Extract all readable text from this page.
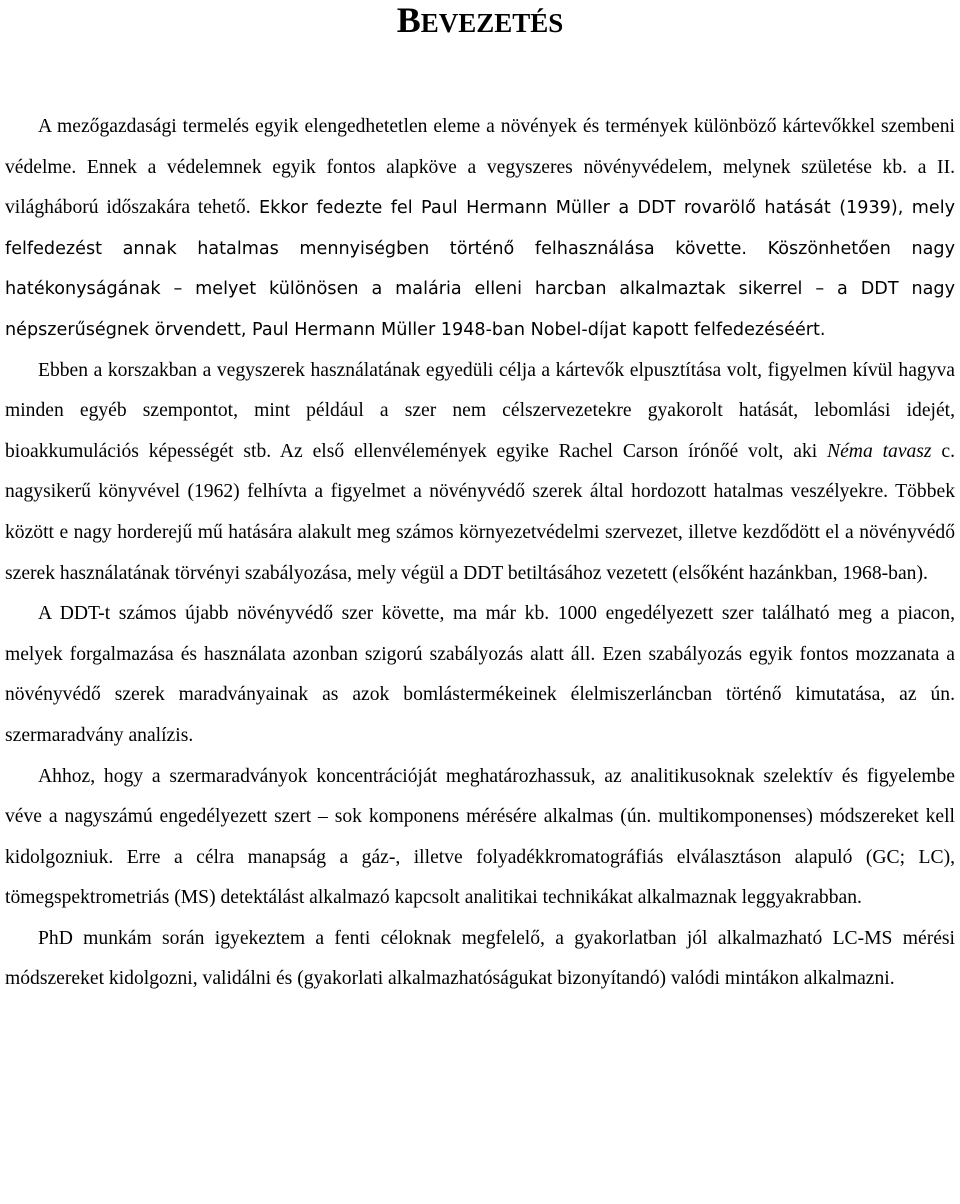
BEVEZETÉS

A mezőgazdasági termelés egyik elengedhetetlen eleme a növények és termények különböző kártevőkkel szembeni védelme. Ennek a védelemnek egyik fontos alapköve a vegyszeres növényvédelem, melynek születése kb. a II. világháború időszakára tehető. Ekkor fedezte fel Paul Hermann Müller a DDT rovarölő hatását (1939), mely felfedezést annak hatalmas mennyiségben történő felhasználása követte. Köszönhetően nagy hatékonyságának – melyet különösen a malária elleni harcban alkalmaztak sikerrel – a DDT nagy népszerűségnek örvendett, Paul Hermann Müller 1948-ban Nobel-díjat kapott felfedezéséért.

Ebben a korszakban a vegyszerek használatának egyedüli célja a kártevők elpusztítása volt, figyelmen kívül hagyva minden egyéb szempontot, mint például a szer nem célszervezetekre gyakorolt hatását, lebomlási idejét, bioakkumulációs képességét stb. Az első ellenvélemények egyike Rachel Carson írónőé volt, aki Néma tavasz c. nagysikerű könyvével (1962) felhívta a figyelmet a növényvédő szerek által hordozott hatalmas veszélyekre. Többek között e nagy horderejű mű hatására alakult meg számos környezetvédelmi szervezet, illetve kezdődött el a növényvédő szerek használatának törvényi szabályozása, mely végül a DDT betiltásához vezetett (elsőként hazánkban, 1968-ban).

A DDT-t számos újabb növényvédő szer követte, ma már kb. 1000 engedélyezett szer található meg a piacon, melyek forgalmazása és használata azonban szigorú szabályozás alatt áll. Ezen szabályozás egyik fontos mozzanata a növényvédő szerek maradványainak as azok bomlástermékeinek élelmiszerláncban történő kimutatása, az ún. szermaradvány analízis.

Ahhoz, hogy a szermaradványok koncentrációját meghatározhassuk, az analitikusoknak szelektív és figyelembe véve a nagyszámú engedélyezett szert – sok komponens mérésére alkalmas (ún. multikomponenses) módszereket kell kidolgozniuk. Erre a célra manapság a gáz-, illetve folyadékkromatográfiás elválasztáson alapuló (GC; LC), tömegspektrometriás (MS) detektálást alkalmazó kapcsolt analitikai technikákat alkalmaznak leggyakrabban.

PhD munkám során igyekeztem a fenti céloknak megfelelő, a gyakorlatban jól alkalmazható LC-MS mérési módszereket kidolgozni, validálni és (gyakorlati alkalmazhatóságukat bizonyítandó) valódi mintákon alkalmazni.
